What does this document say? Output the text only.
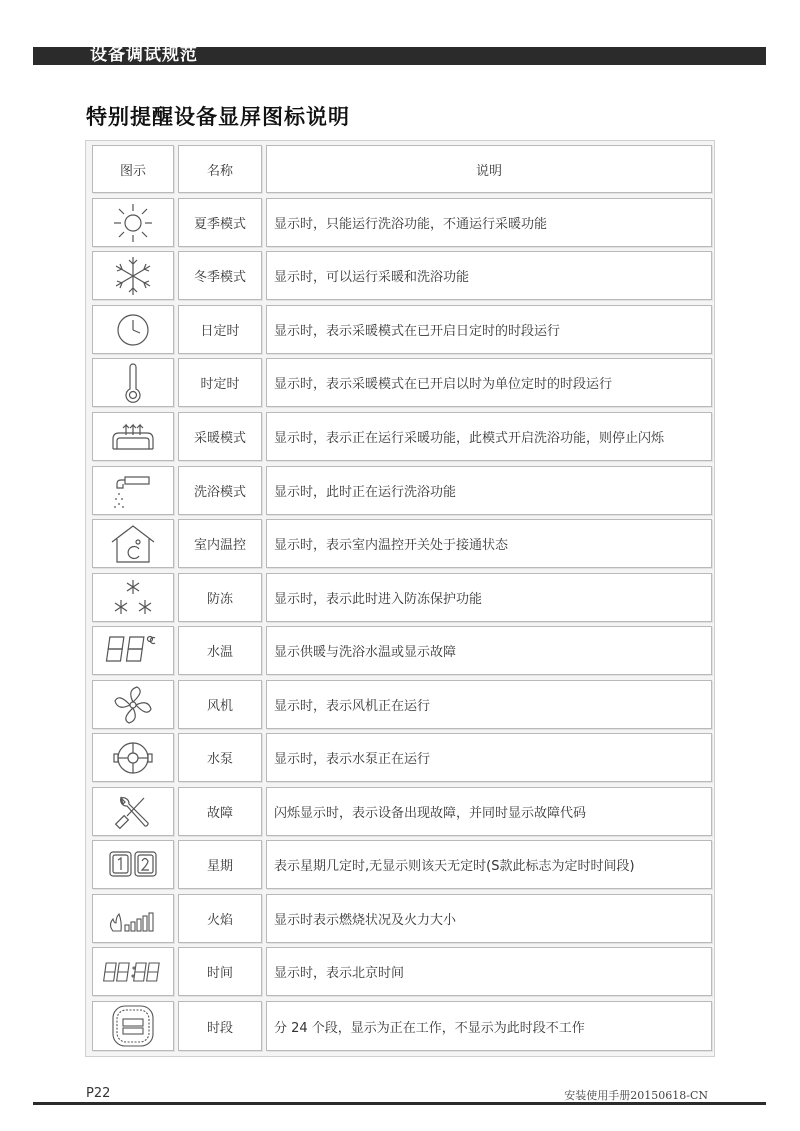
设备调试规范
特别提醒设备显屏图标说明
图示	名称	说明
夏季模式	显示时，只能运行洗浴功能，不通运行采暖功能
冬季模式	显示时，可以运行采暖和洗浴功能
日定时	显示时，表示采暖模式在已开启日定时的时段运行
时定时	显示时，表示采暖模式在已开启以时为单位定时的时段运行
采暖模式	显示时，表示正在运行采暖功能，此模式开启洗浴功能，则停止闪烁
洗浴模式	显示时，此时正在运行洗浴功能
室内温控	显示时，表示室内温控开关处于接通状态
防冻	显示时，表示此时进入防冻保护功能
水温	显示供暖与洗浴水温或显示故障
风机	显示时，表示风机正在运行
水泵	显示时，表示水泵正在运行
故障	闪烁显示时，表示设备出现故障，并同时显示故障代码
星期	表示星期几定时,无显示则该天无定时(S款此标志为定时时间段)
火焰	显示时表示燃烧状况及火力大小
时间	显示时，表示北京时间
时段	分 24 个段，显示为正在工作，不显示为此时段不工作
P22	安装使用手册20150618-CN
